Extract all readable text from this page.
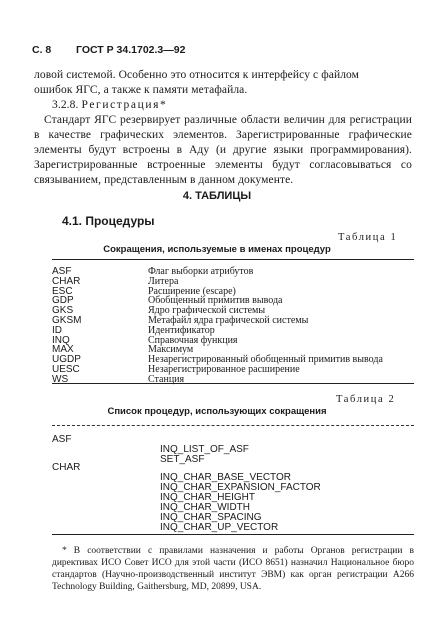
С. 8 ГОСТ Р 34.1702.3—92
ловой системой. Особенно это относится к интерфейсу с файлом
ошибок ЯГС, а также к памяти метафайла.
3.2.8. Регистрация*
Стандарт ЯГС резервирует различные области величин для регистрации в качестве графических элементов. Зарегистрированные графические элементы будут встроены в Аду (и другие языки программирования). Зарегистрированные встроенные элементы будут согласовываться со связыванием, представленным в данном документе.
4. ТАБЛИЦЫ
4.1. Процедуры
Таблица 1
Сокращения, используемые в именах процедур
ASF	Флаг выборки атрибутов
CHAR	Литера
ESC	Расширение (escape)
GDP	Обобщенный примитив вывода
GKS	Ядро графической системы
GKSM	Метафайл ядра графической системы
ID	Идентификатор
INQ	Справочная функция
MAX	Максимум
UGDP	Незарегистрированный обобщенный примитив вывода
UESC	Незарегистрированное расширение
WS	Станция
Таблица 2
Список процедур, использующих сокращения
ASF
INQ_LIST_OF_ASF
SET_ASF
CHAR
INQ_CHAR_BASE_VECTOR
INQ_CHAR_EXPANSION_FACTOR
INQ_CHAR_HEIGHT
INQ_CHAR_WIDTH
INQ_CHAR_SPACING
INQ_CHAR_UP_VECTOR
* В соответствии с правилами назначения и работы Органов регистрации в директивах ИСО Совет ИСО для этой части (ИСО 8651) назначил Национальное бюро стандартов (Научно-производственный институт ЭВМ) как орган регистрации A266 Technology Building, Gaithersburg, MD, 20899, USA.
